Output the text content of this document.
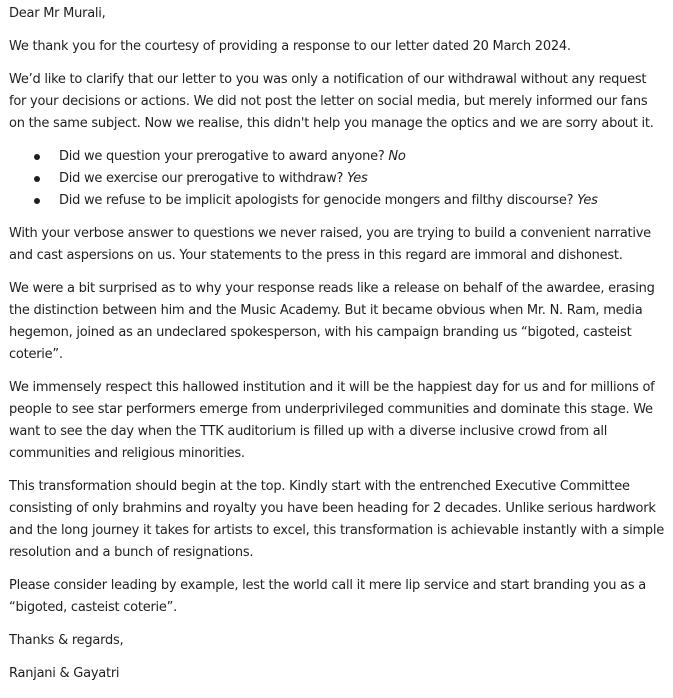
Dear Mr Murali,

We thank you for the courtesy of providing a response to our letter dated 20 March 2024.

We’d like to clarify that our letter to you was only a notification of our withdrawal without any request
for your decisions or actions. We did not post the letter on social media, but merely informed our fans
on the same subject. Now we realise, this didn't help you manage the optics and we are sorry about it.

Did we question your prerogative to award anyone? No
Did we exercise our prerogative to withdraw? Yes
Did we refuse to be implicit apologists for genocide mongers and filthy discourse? Yes

With your verbose answer to questions we never raised, you are trying to build a convenient narrative
and cast aspersions on us. Your statements to the press in this regard are immoral and dishonest.

We were a bit surprised as to why your response reads like a release on behalf of the awardee, erasing
the distinction between him and the Music Academy. But it became obvious when Mr. N. Ram, media
hegemon, joined as an undeclared spokesperson, with his campaign branding us “bigoted, casteist
coterie”.

We immensely respect this hallowed institution and it will be the happiest day for us and for millions of
people to see star performers emerge from underprivileged communities and dominate this stage. We
want to see the day when the TTK auditorium is filled up with a diverse inclusive crowd from all
communities and religious minorities.

This transformation should begin at the top. Kindly start with the entrenched Executive Committee
consisting of only brahmins and royalty you have been heading for 2 decades. Unlike serious hardwork
and the long journey it takes for artists to excel, this transformation is achievable instantly with a simple
resolution and a bunch of resignations.

Please consider leading by example, lest the world call it mere lip service and start branding you as a
“bigoted, casteist coterie”.

Thanks & regards,

Ranjani & Gayatri
